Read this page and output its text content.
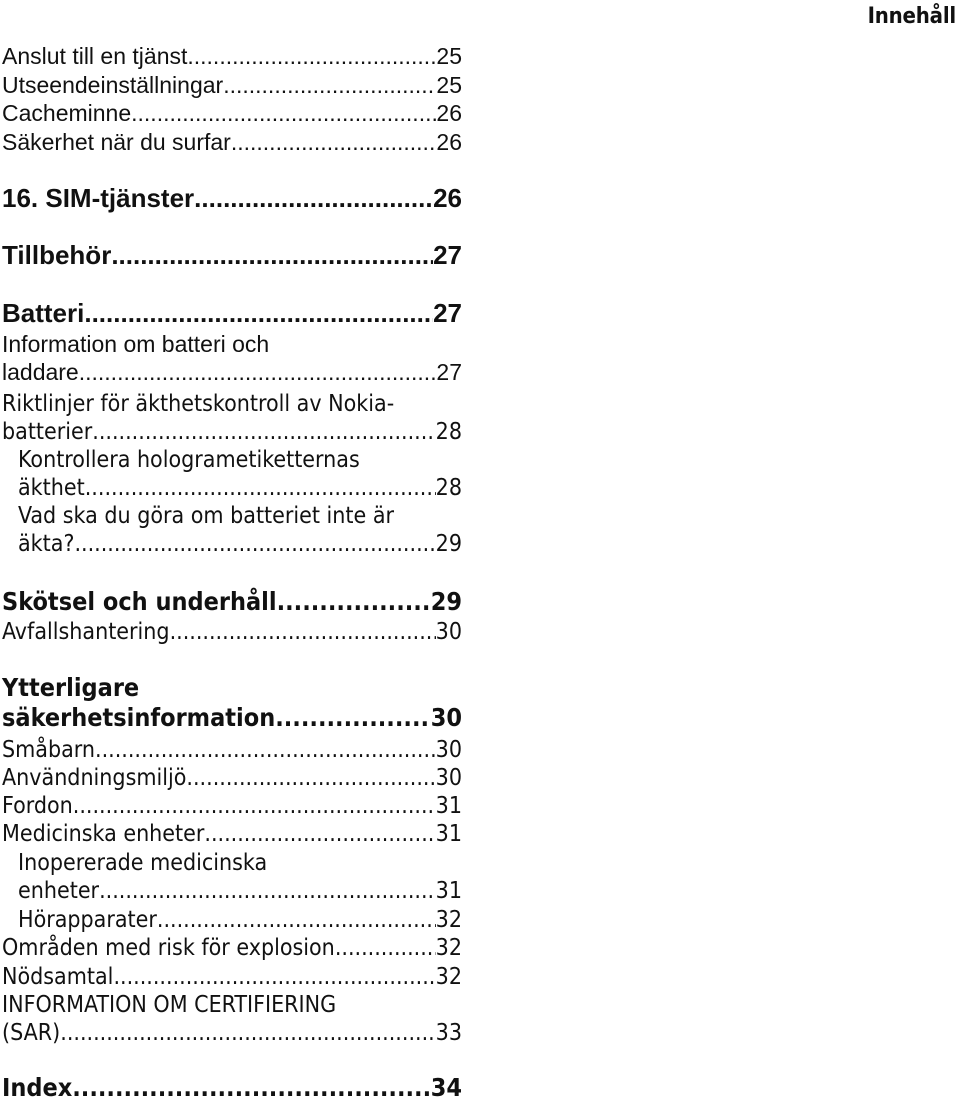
Innehåll
Anslut till en tjänst .....	25
Utseendeinställningar .....	25
Cacheminne .....	26
Säkerhet när du surfar .....	26
16. SIM-tjänster .....	26
Tillbehör .....	27
Batteri .....	27
Information om batteri och
laddare .....	27
Riktlinjer för äkthetskontroll av Nokia-
batterier .....	28
Kontrollera hologrametiketternas
äkthet .....	28
Vad ska du göra om batteriet inte är
äkta? .....	29
Skötsel och underhåll .....	29
Avfallshantering .....	30
Ytterligare
säkerhetsinformation .....	30
Småbarn .....	30
Användningsmiljö .....	30
Fordon .....	31
Medicinska enheter .....	31
Inopererade medicinska
enheter .....	31
Hörapparater .....	32
Områden med risk för explosion .....	32
Nödsamtal .....	32
INFORMATION OM CERTIFIERING
(SAR) .....	33
Index .....	34
